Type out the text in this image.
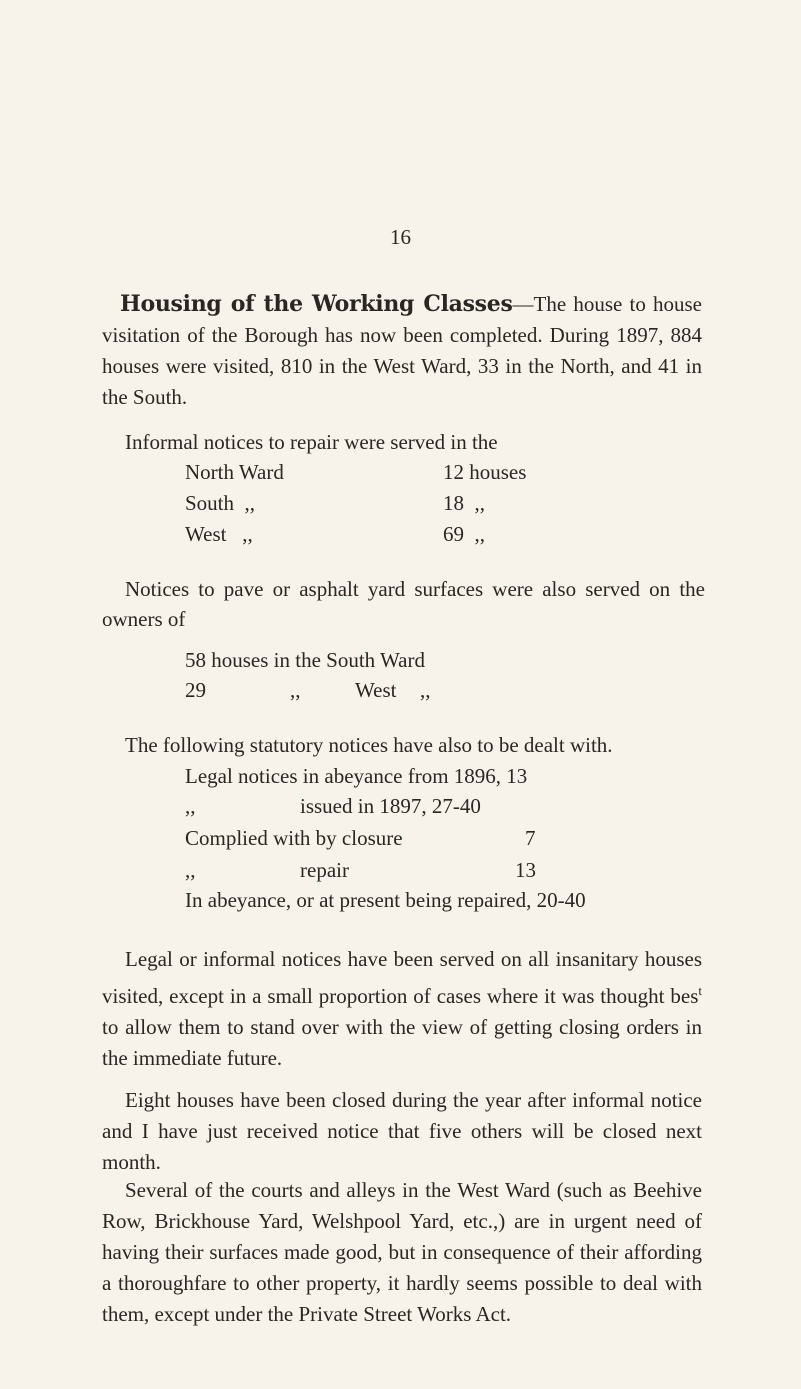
16
Housing of the Working Classes—The house to house visitation of the Borough has now been completed. During 1897, 884 houses were visited, 810 in the West Ward, 33 in the North, and 41 in the South.
Informal notices to repair were served in the
North Ward	12 houses
South  ,,	18  ,,
West   ,,	69  ,,
Notices to pave or asphalt yard surfaces were also served on the
owners of
58 houses in the South Ward
29	,,	West ,,
The following statutory notices have also to be dealt with.
Legal notices in abeyance from 1896, 13
,,	issued in 1897, 27-40
Complied with by closure	7
,,	repair	13
In abeyance, or at present being repaired, 20-40
Legal or informal notices have been served on all insanitary houses visited, except in a small proportion of cases where it was thought bes$^t$ to allow them to stand over with the view of getting closing orders in the immediate future.
Eight houses have been closed during the year after informal notice and I have just received notice that five others will be closed next month.
Several of the courts and alleys in the West Ward (such as Beehive Row, Brickhouse Yard, Welshpool Yard, etc.,) are in urgent need of having their surfaces made good, but in consequence of their affording a thoroughfare to other property, it hardly seems possible to deal with them, except under the Private Street Works Act.
